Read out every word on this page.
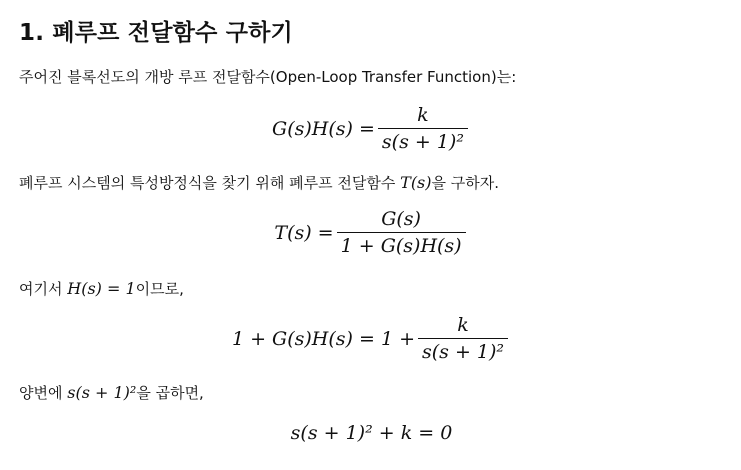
1. 폐루프 전달함수 구하기

주어진 블록선도의 개방 루프 전달함수(Open-Loop Transfer Function)는:

$G(s)H(s) = \frac{k}{\text{s(s + 1)²}}$

폐루프 시스템의 특성방정식을 찾기 위해 폐루프 전달함수 T(s)을 구하자.

$T(s) = \frac{G(s)}{1 + G(s)H(s)}$

여기서 H(s) = 1이므로,

$1 + G(s)H(s) = 1 + \frac{k}{\text{s(s + 1)²}}$

양변에 s(s + 1)²을 곱하면,

s(s + 1)² + k = 0
